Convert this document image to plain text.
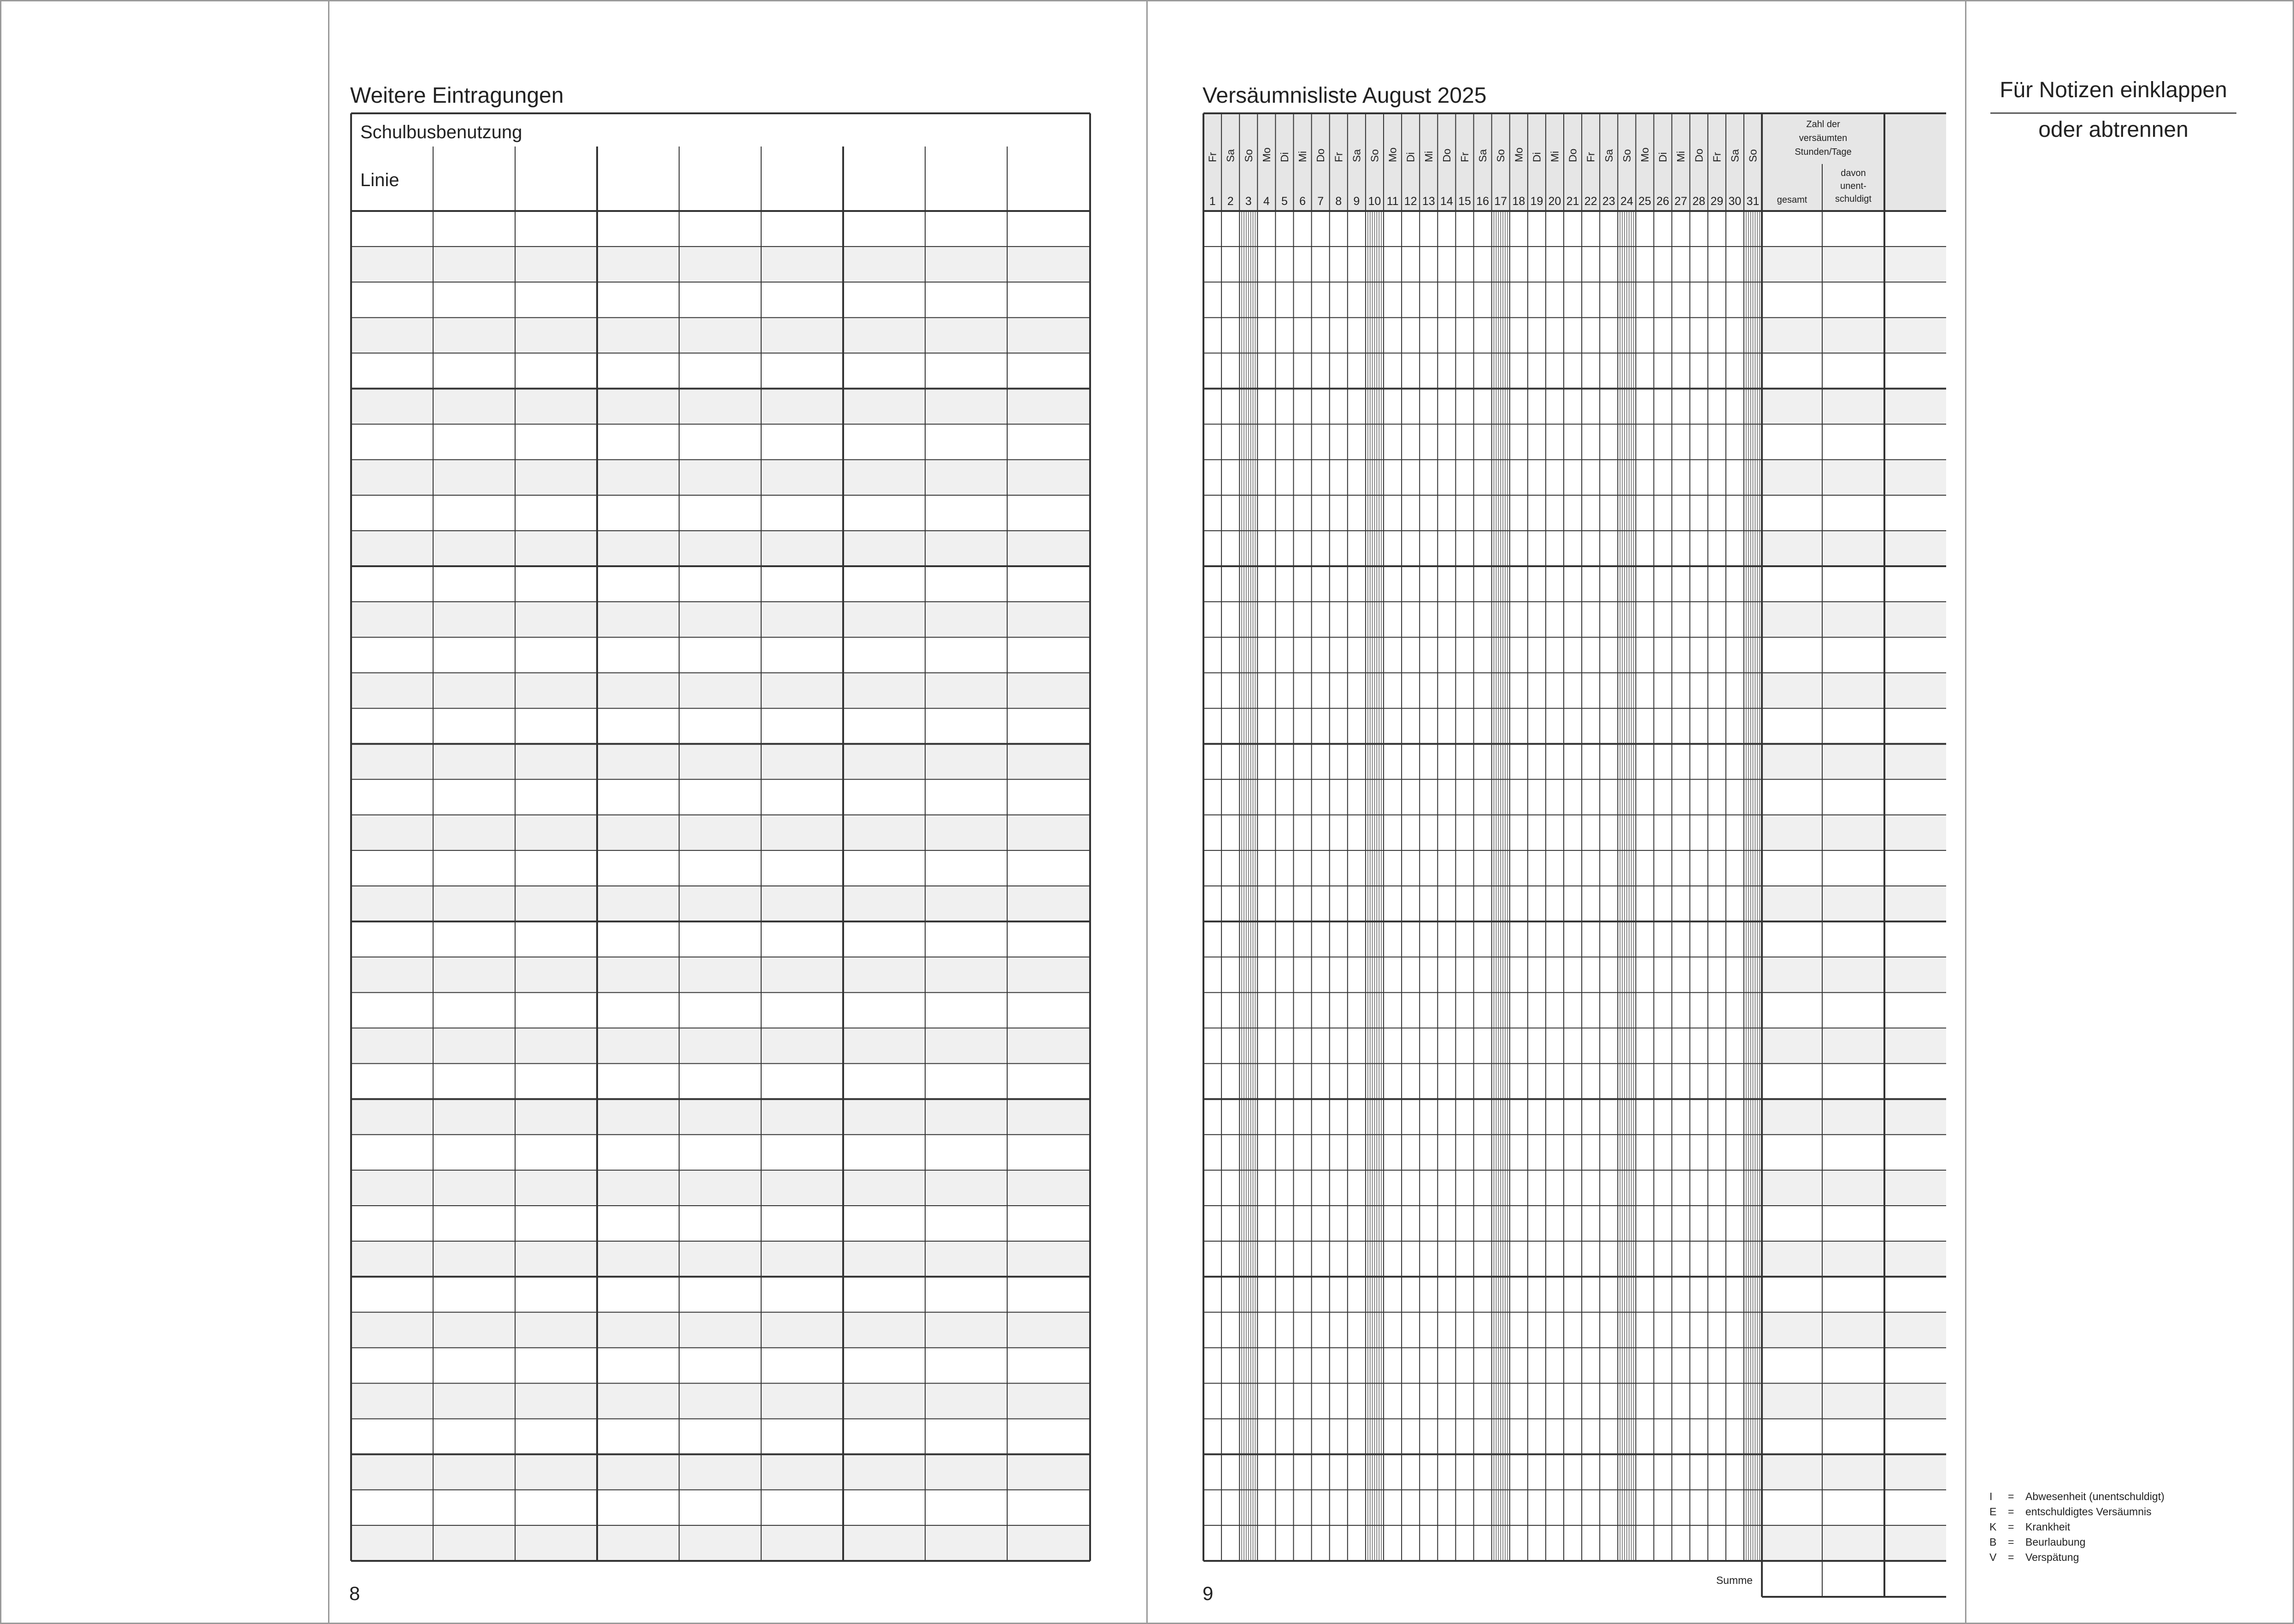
Weitere Eintragungen
Schulbusbenutzung
Linie
8
Versäumnisliste August 2025
Fr
1
Sa
2
So
3
Mo
4
Di
5
Mi
6
Do
7
Fr
8
Sa
9
So
10
Mo
11
Di
12
Mi
13
Do
14
Fr
15
Sa
16
So
17
Mo
18
Di
19
Mi
20
Do
21
Fr
22
Sa
23
So
24
Mo
25
Di
26
Mi
27
Do
28
Fr
29
Sa
30
So
31
Zahl der
versäumten
Stunden/Tage
gesamt
davon
unent-
schuldigt
Summe
9
Für Notizen einklappen
oder abtrennen
I = Abwesenheit (unentschuldigt)
E = entschuldigtes Versäumnis
K = Krankheit
B = Beurlaubung
V = Verspätung
